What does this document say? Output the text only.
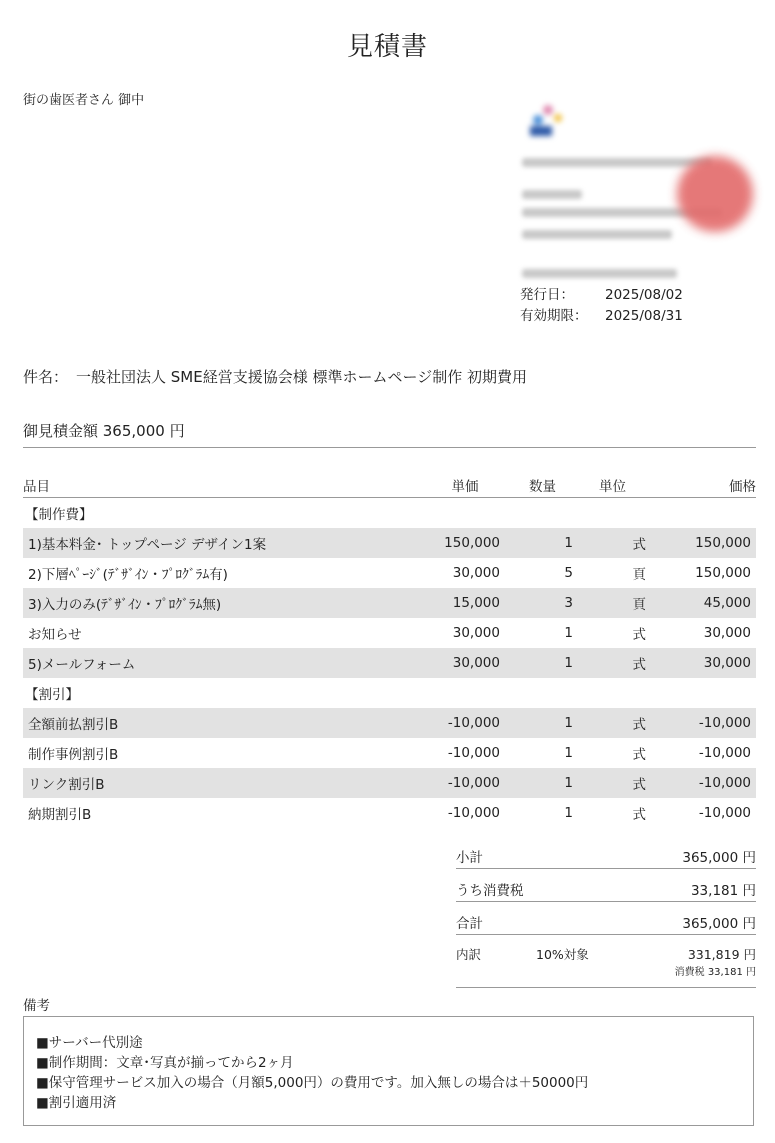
見積書
街の歯医者さん 御中
発行日：	2025/08/02
有効期限：	2025/08/31
件名： 一般社団法人 SME経営支援協会様 標準ホームページ制作 初期費用
御見積金額 365,000 円
品目	単価	数量	単位	価格
【制作費】
1)基本料金･ トップページ デザイン1案	150,000	1	式	150,000
2)下層ﾍﾟｰｼﾞ(ﾃﾞｻﾞｲﾝ・ﾌﾟﾛｸﾞﾗﾑ有)	30,000	5	頁	150,000
3)入力のみ(ﾃﾞｻﾞｲﾝ・ﾌﾟﾛｸﾞﾗﾑ無)	15,000	3	頁	45,000
お知らせ	30,000	1	式	30,000
5)メールフォーム	30,000	1	式	30,000
【割引】
全額前払割引B	-10,000	1	式	-10,000
制作事例割引B	-10,000	1	式	-10,000
リンク割引B	-10,000	1	式	-10,000
納期割引B	-10,000	1	式	-10,000
小計	365,000 円
うち消費税	33,181 円
合計	365,000 円
内訳	10%対象	331,819 円
消費税 33,181 円
備考
■サーバー代別途
■制作期間：文章･写真が揃ってから2ヶ月
■保守管理サービス加入の場合（月額5,000円）の費用です。加入無しの場合は＋50000円
■割引適用済
